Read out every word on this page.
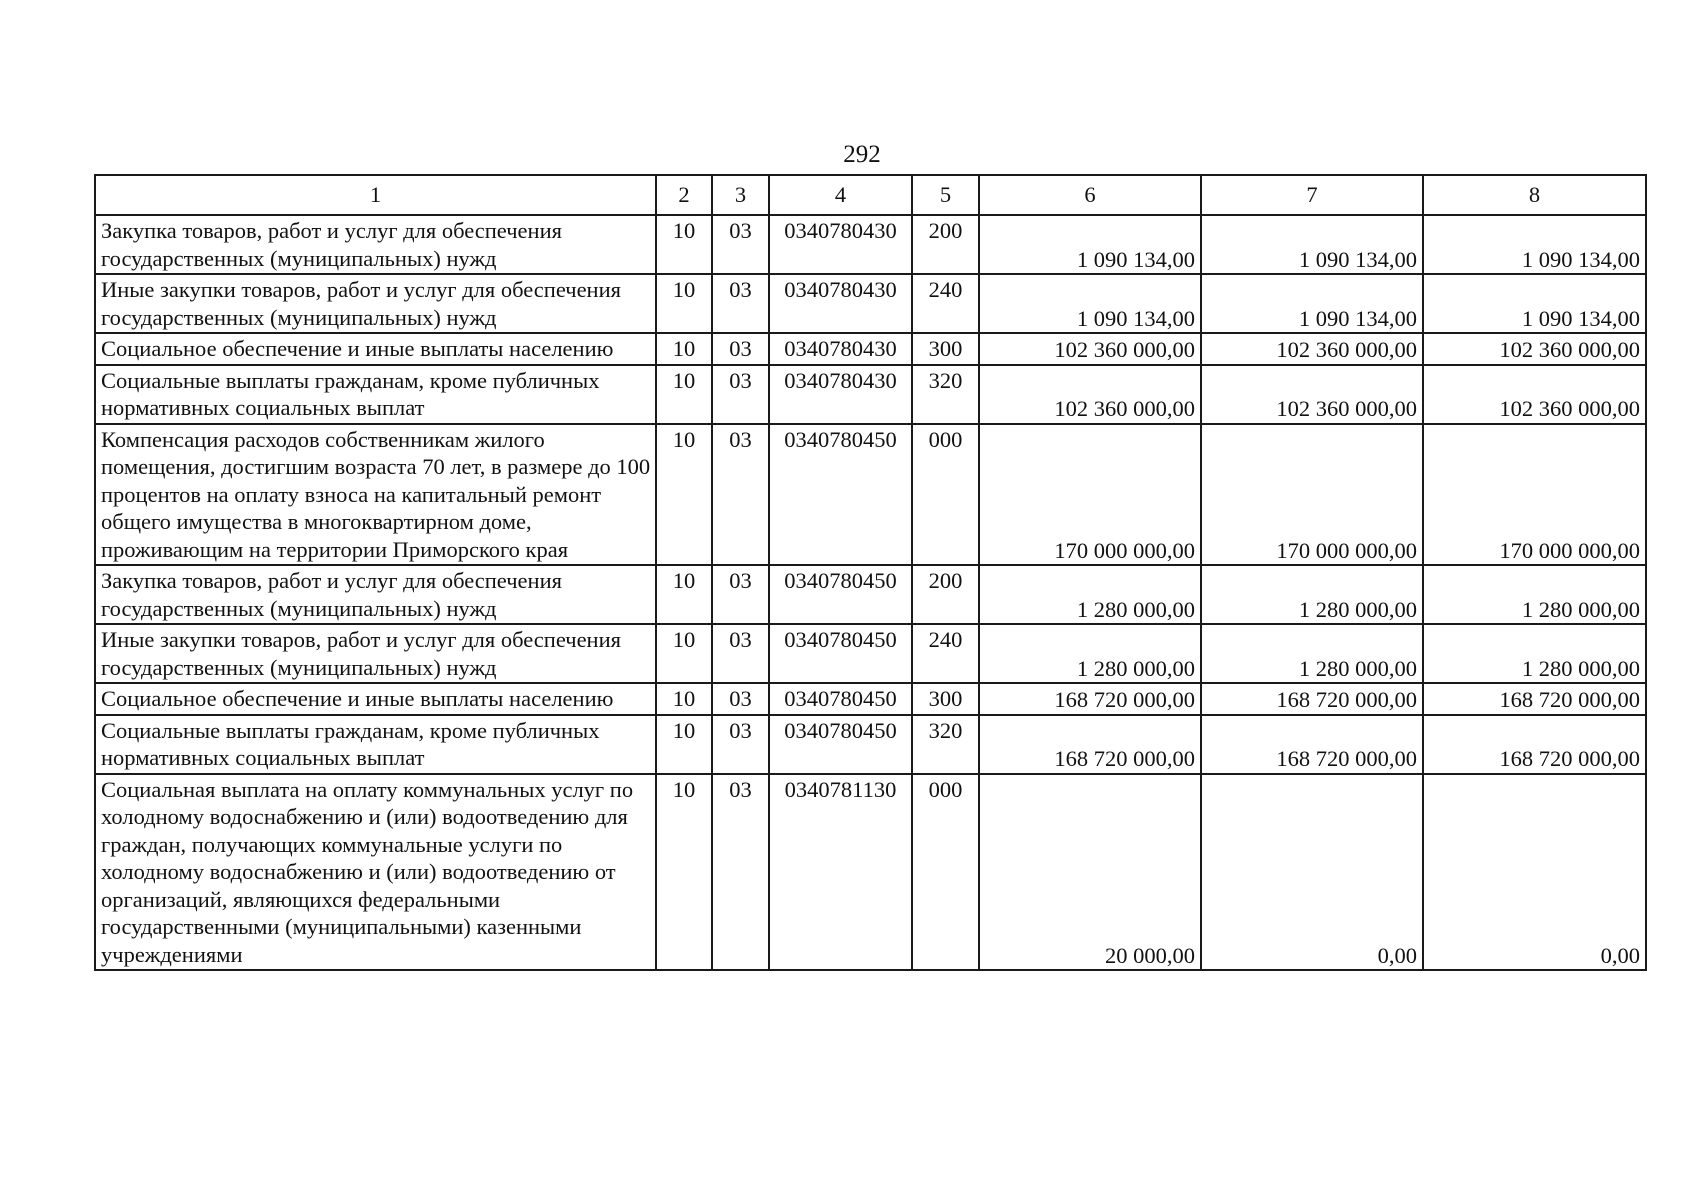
292
1	2	3	4	5	6	7	8
Закупка товаров, работ и услуг для обеспечения государственных (муниципальных) нужд	10	03	0340780430	200	1 090 134,00	1 090 134,00	1 090 134,00
Иные закупки товаров, работ и услуг для обеспечения государственных (муниципальных) нужд	10	03	0340780430	240	1 090 134,00	1 090 134,00	1 090 134,00
Социальное обеспечение и иные выплаты населению	10	03	0340780430	300	102 360 000,00	102 360 000,00	102 360 000,00
Социальные выплаты гражданам, кроме публичных нормативных социальных выплат	10	03	0340780430	320	102 360 000,00	102 360 000,00	102 360 000,00
Компенсация расходов собственникам жилого помещения, достигшим возраста 70 лет, в размере до 100 процентов на оплату взноса на капитальный ремонт общего имущества в многоквартирном доме, проживающим на территории Приморского края	10	03	0340780450	000	170 000 000,00	170 000 000,00	170 000 000,00
Закупка товаров, работ и услуг для обеспечения государственных (муниципальных) нужд	10	03	0340780450	200	1 280 000,00	1 280 000,00	1 280 000,00
Иные закупки товаров, работ и услуг для обеспечения государственных (муниципальных) нужд	10	03	0340780450	240	1 280 000,00	1 280 000,00	1 280 000,00
Социальное обеспечение и иные выплаты населению	10	03	0340780450	300	168 720 000,00	168 720 000,00	168 720 000,00
Социальные выплаты гражданам, кроме публичных нормативных социальных выплат	10	03	0340780450	320	168 720 000,00	168 720 000,00	168 720 000,00
Социальная выплата на оплату коммунальных услуг по холодному водоснабжению и (или) водоотведению для граждан, получающих коммунальные услуги по холодному водоснабжению и (или) водоотведению от организаций, являющихся федеральными государственными (муниципальными) казенными учреждениями	10	03	0340781130	000	20 000,00	0,00	0,00
